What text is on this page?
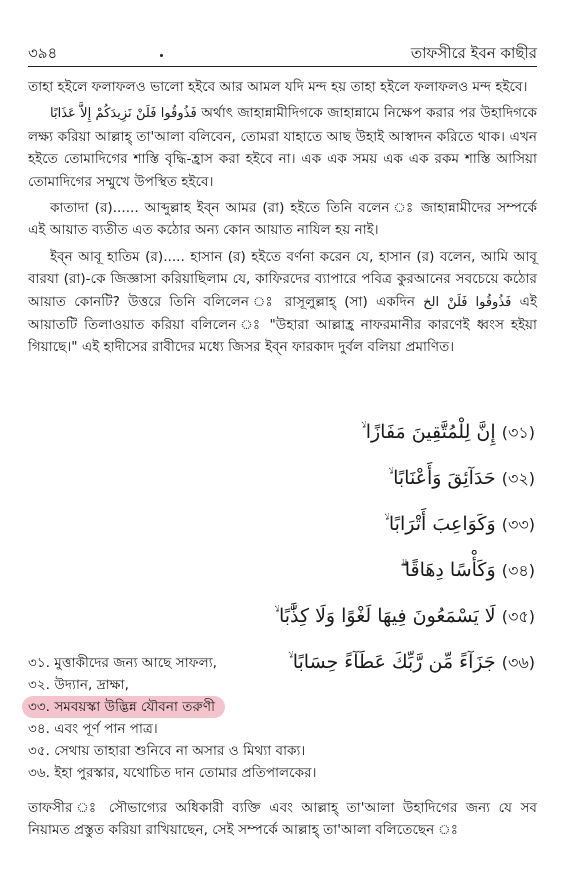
৩৯৪	তাফসীরে ইবন কাছীর

তাহা হইলে ফলাফলও ভালো হইবে আর আমল যদি মন্দ হয় তাহা হইলে ফলাফলও মন্দ হইবে।

فَذُوقُوا فَلَنْ نَزِيدَكُمْ إِلاَّ عَذَابًا অর্থাৎ জাহান্নামীদিগকে জাহান্নামে নিক্ষেপ করার পর উহাদিগকে লক্ষ্য করিয়া আল্লাহ্ তা'আলা বলিবেন, তোমরা যাহাতে আছ উহাই আস্বাদন করিতে থাক। এখন হইতে তোমাদিগের শাস্তি বৃদ্ধি-হ্রাস করা হইবে না। এক এক সময় এক এক রকম শাস্তি আসিয়া তোমাদিগের সম্মুখে উপস্থিত হইবে।

কাতাদা (র)...... আব্দুল্লাহ ইব্ন আমর (রা) হইতে তিনি বলেন ঃ জাহান্নামীদের সম্পর্কে এই আয়াত ব্যতীত এত কঠোর অন্য কোন আয়াত নাযিল হয় নাই।

ইব্ন আবূ হাতিম (র)..... হাসান (র) হইতে বর্ণনা করেন যে, হাসান (র) বলেন, আমি আবূ বারযা (রা)-কে জিজ্ঞাসা করিয়াছিলাম যে, কাফিরদের ব্যাপারে পবিত্র কুরআনের সবচেয়ে কঠোর আয়াত কোনটি? উত্তরে তিনি বলিলেন ঃ রাসূলুল্লাহ্ (সা) একদিন فَذُوقُوا فَلَنْ الخ এই আয়াতটি তিলাওয়াত করিয়া বলিলেন ঃ "উহারা আল্লাহ্র নাফরমানীর কারণেই ধ্বংস হইয়া গিয়াছে।" এই হাদীসের রাবীদের মধ্যে জিসর ইব্ন ফারকাদ দুর্বল বলিয়া প্রমাণিত।

(৩১) إِنَّ لِلْمُتَّقِينَ مَفَازًا ۙ
(৩২) حَدَآئِقَ وَأَعْنَابًا ۙ
(৩৩) وَكَوَاعِبَ أَتْرَابًا ۙ
(৩৪) وَكَأْسًا دِهَاقًا ۗ
(৩৫) لَا يَسْمَعُونَ فِيهَا لَغْوًا وَلَا كِذَّٰبًا ۙ
(৩৬) جَزَآءً مِّن رَّبِّكَ عَطَآءً حِسَابًا ۙ
৩১. মুত্তাকীদের জন্য আছে সাফল্য,
৩২. উদ্যান, দ্রাক্ষা,
৩৩. সমবয়স্কা উদ্ভিন্ন যৌবনা তরুণী
৩৪. এবং পূর্ণ পান পাত্র।
৩৫. সেথায় তাহারা শুনিবে না অসার ও মিথ্যা বাক্য।
৩৬. ইহা পুরস্কার, যথোচিত দান তোমার প্রতিপালকের।
তাফসীর ঃ সৌভাগ্যের অধিকারী ব্যক্তি এবং আল্লাহ্ তা'আলা উহাদিগের জন্য যে সব নিয়ামত প্রস্তুত করিয়া রাখিয়াছেন, সেই সম্পর্কে আল্লাহ্ তা'আলা বলিতেছেন ঃ
